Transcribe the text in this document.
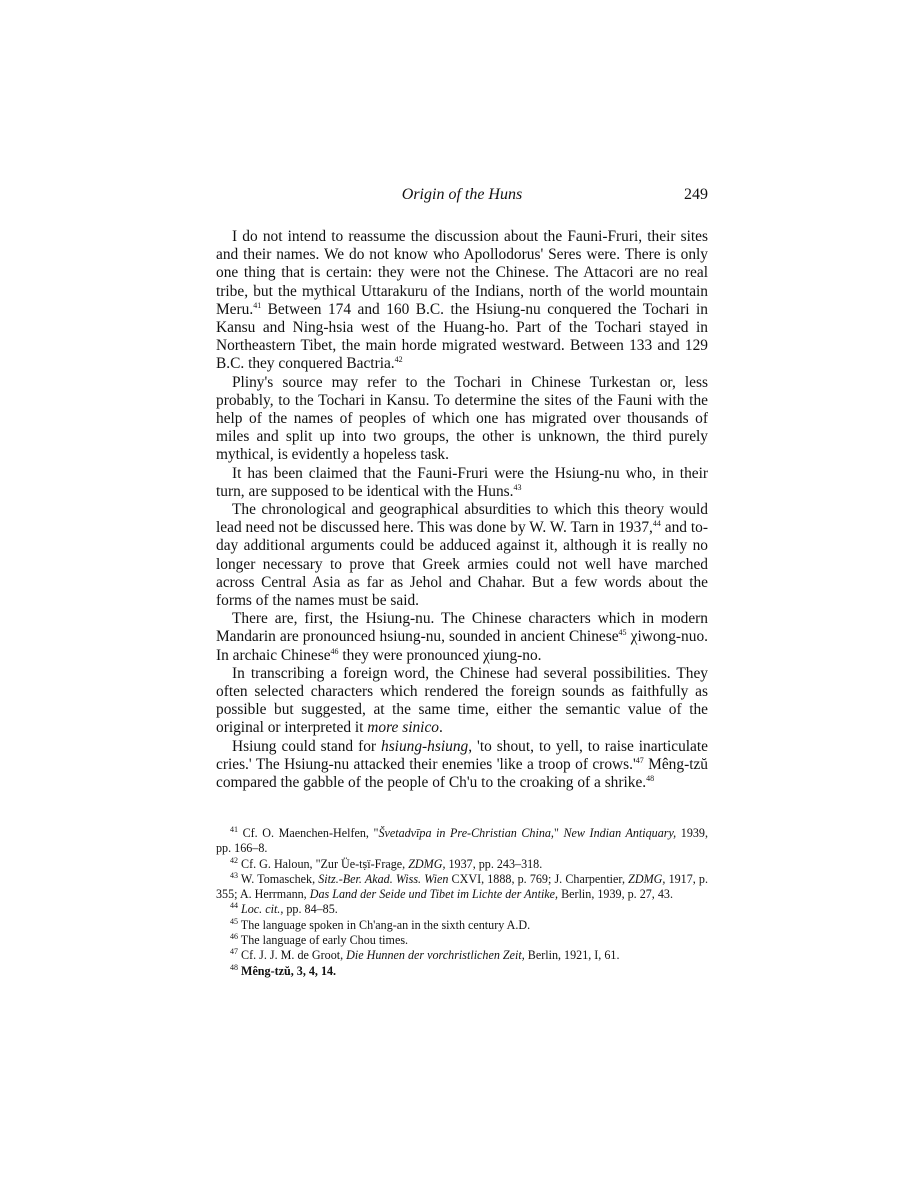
Origin of the Huns	249

I do not intend to reassume the discussion about the Fauni-Fruri, their sites and their names. We do not know who Apollodorus' Seres were. There is only one thing that is certain: they were not the Chinese. The Attacori are no real tribe, but the mythical Uttarakuru of the Indians, north of the world mountain Meru.$^{41}$ Between 174 and 160 B.C. the Hsiung-nu conquered the Tochari in Kansu and Ning-hsia west of the Huang-ho. Part of the Tochari stayed in Northeastern Tibet, the main horde migrated westward. Between 133 and 129 B.C. they conquered Bactria.$^{42}$

Pliny's source may refer to the Tochari in Chinese Turkestan or, less probably, to the Tochari in Kansu. To determine the sites of the Fauni with the help of the names of peoples of which one has migrated over thousands of miles and split up into two groups, the other is unknown, the third purely mythical, is evidently a hopeless task.

It has been claimed that the Fauni-Fruri were the Hsiung-nu who, in their turn, are supposed to be identical with the Huns.$^{43}$

The chronological and geographical absurdities to which this theory would lead need not be discussed here. This was done by W. W. Tarn in 1937,44 and to-day additional arguments could be adduced against it, although it is really no longer necessary to prove that Greek armies could not well have marched across Central Asia as far as Jehol and Chahar. But a few words about the forms of the names must be said.

There are, first, the Hsiung-nu. The Chinese characters which in modern Mandarin are pronounced hsiung-nu, sounded in ancient Chinese$^{45}$ χiwong-nuo. In archaic Chinese$^{46}$ they were pronounced χiung-no.

In transcribing a foreign word, the Chinese had several possibilities. They often selected characters which rendered the foreign sounds as faithfully as possible but suggested, at the same time, either the semantic value of the original or interpreted it more sinico.

Hsiung could stand for hsiung-hsiung, 'to shout, to yell, to raise inarticulate cries.' The Hsiung-nu attacked their enemies 'like a troop of crows.'$^{47}$ Mêng-tzŭ compared the gabble of the people of Ch'u to the croaking of a shrike.$^{48}$

$^{41}$ Cf. O. Maenchen-Helfen, "Švetadvīpa in Pre-Christian China," New Indian Antiquary, 1939, pp. 166–8.

$^{42}$ Cf. G. Haloun, "Zur Üe-tṣï-Frage, ZDMG, 1937, pp. 243–318.

$^{43}$ W. Tomaschek, Sitz.-Ber. Akad. Wiss. Wien CXVI, 1888, p. 769; J. Charpentier, ZDMG, 1917, p. 355; A. Herrmann, Das Land der Seide und Tibet im Lichte der Antike, Berlin, 1939, p. 27, 43.

$^{44}$ Loc. cit., pp. 84–85.

$^{45}$ The language spoken in Ch'ang-an in the sixth century A.D.

$^{46}$ The language of early Chou times.

$^{47}$ Cf. J. J. M. de Groot, Die Hunnen der vorchristlichen Zeit, Berlin, 1921, I, 61.

$^{48}$ Mêng-tzŭ, 3, 4, 14.
